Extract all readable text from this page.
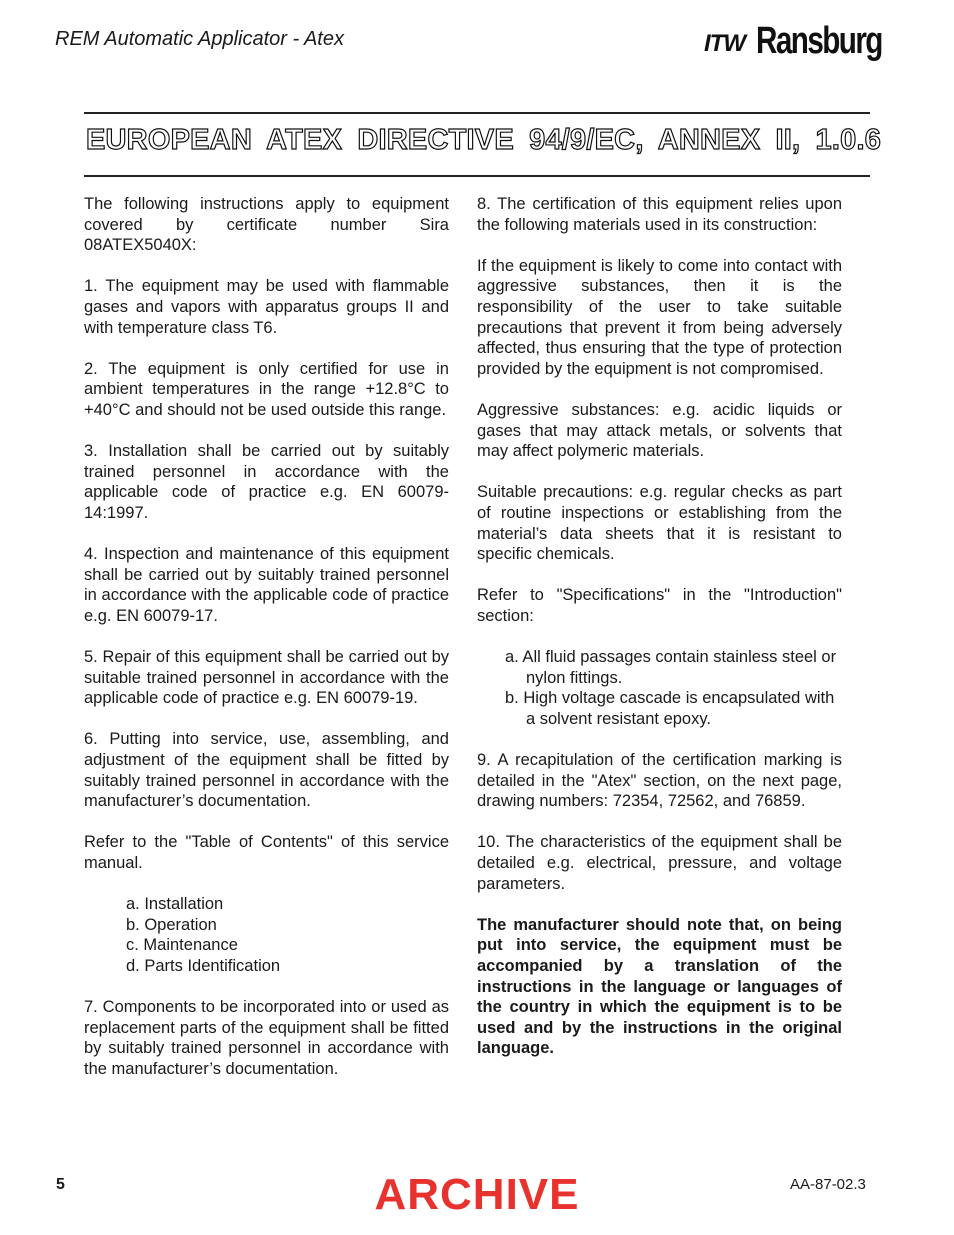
REM Automatic Applicator - Atex	ITW Ransburg
EUROPEAN ATEX DIRECTIVE 94/9/EC, ANNEX II, 1.0.6

The following instructions apply to equipment covered by certificate number Sira 08ATEX5040X:

1. The equipment may be used with flammable gases and vapors with apparatus groups II and with temperature class T6.

2. The equipment is only certified for use in ambient temperatures in the range +12.8°C to +40°C and should not be used outside this range.

3. Installation shall be carried out by suitably trained personnel in accordance with the applicable code of practice e.g. EN 60079-14:1997.

4. Inspection and maintenance of this equipment shall be carried out by suitably trained personnel in accordance with the applicable code of practice e.g. EN 60079-17.

5. Repair of this equipment shall be carried out by suitable trained personnel in accordance with the applicable code of practice e.g. EN 60079-19.

6. Putting into service, use, assembling, and adjustment of the equipment shall be fitted by suitably trained personnel in accordance with the manufacturer’s documentation.

Refer to the "Table of Contents" of this service manual.

a. Installation
b. Operation
c. Maintenance
d. Parts Identification

7. Components to be incorporated into or used as replacement parts of the equipment shall be fitted by suitably trained personnel in accordance with the manufacturer’s documentation.

8. The certification of this equipment relies upon the following materials used in its construction:

If the equipment is likely to come into contact with aggressive substances, then it is the responsibility of the user to take suitable precautions that prevent it from being adversely affected, thus ensuring that the type of protection provided by the equipment is not compromised.

Aggressive substances: e.g. acidic liquids or gases that may attack metals, or solvents that may affect polymeric materials.

Suitable precautions: e.g. regular checks as part of routine inspections or establishing from the material’s data sheets that it is resistant to specific chemicals.

Refer to "Specifications" in the "Introduction" section:

a. All fluid passages contain stainless steel or nylon fittings.
b. High voltage cascade is encapsulated with a solvent resistant epoxy.

9. A recapitulation of the certification marking is detailed in the "Atex" section, on the next page, drawing numbers: 72354, 72562, and 76859.

10. The characteristics of the equipment shall be detailed e.g. electrical, pressure, and voltage parameters.

The manufacturer should note that, on being put into service, the equipment must be accompanied by a translation of the instructions in the language or languages of the country in which the equipment is to be used and by the instructions in the original language.

5	ARCHIVE	AA-87-02.3
